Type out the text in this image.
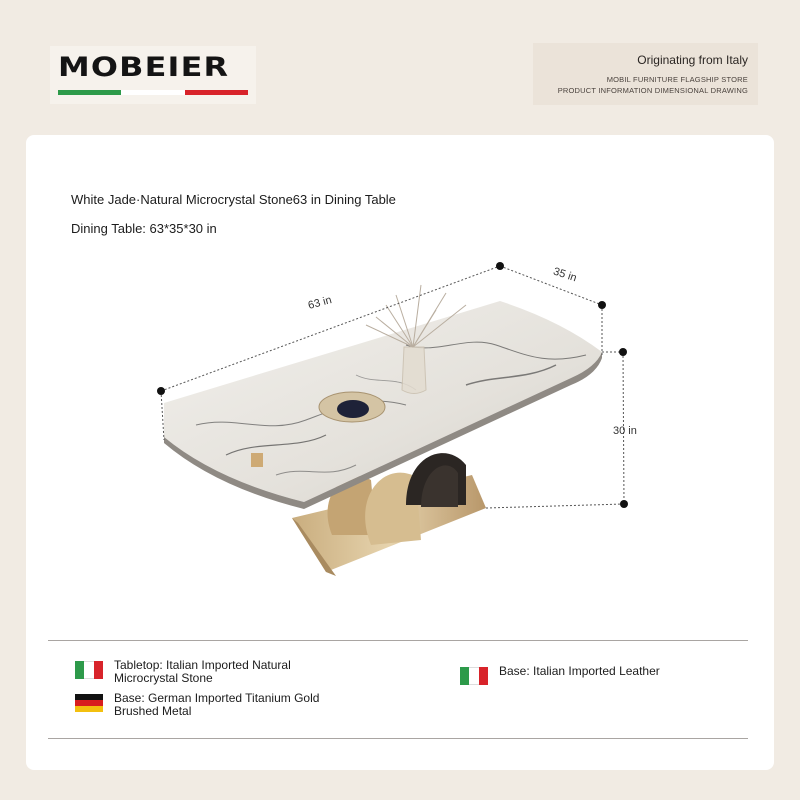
MOBEIER	Originating from Italy
MOBIL FURNITURE FLAGSHIP STORE
PRODUCT INFORMATION DIMENSIONAL DRAWING
White Jade·Natural Microcrystal Stone63 in Dining Table
Dining Table: 63*35*30 in
63 in
35 in
30 in
Tabletop: Italian Imported Natural Microcrystal Stone
Base: German Imported Titanium Gold Brushed Metal
Base: Italian Imported Leather
